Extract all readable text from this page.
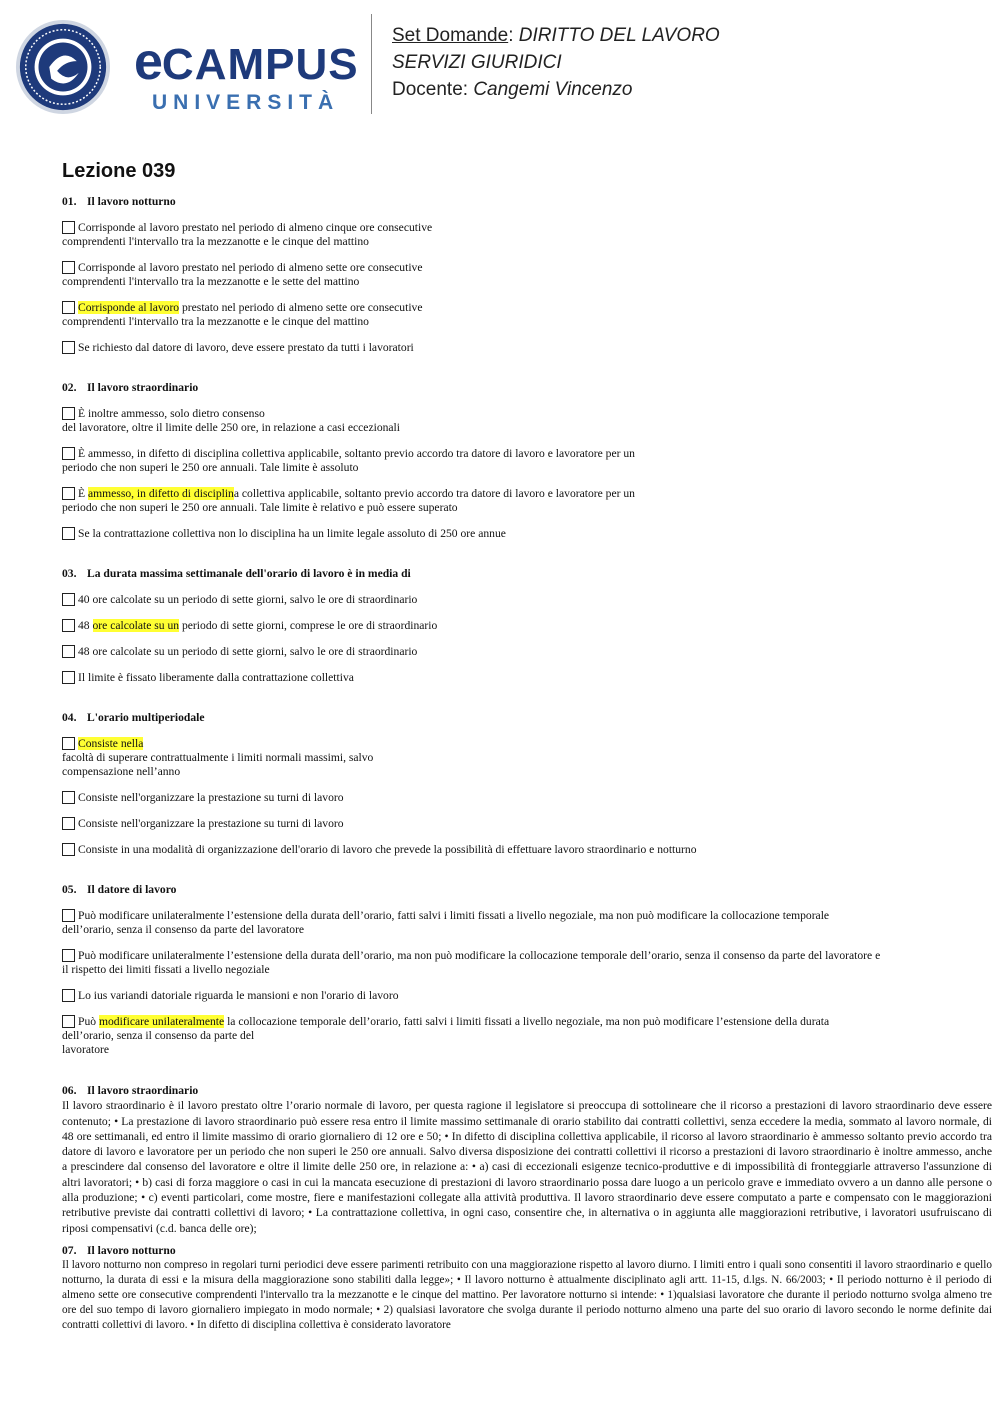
eCAMPUS
UNIVERSITÀ
Set Domande: DIRITTO DEL LAVORO
SERVIZI GIURIDICI
Docente: Cangemi Vincenzo
Lezione 039
01. Il lavoro notturno
Corrisponde al lavoro prestato nel periodo di almeno cinque ore consecutive
comprendenti l'intervallo tra la mezzanotte e le cinque del mattino
Corrisponde al lavoro prestato nel periodo di almeno sette ore consecutive
comprendenti l'intervallo tra la mezzanotte e le sette del mattino
Corrisponde al lavoro prestato nel periodo di almeno sette ore consecutive
comprendenti l'intervallo tra la mezzanotte e le cinque del mattino
Se richiesto dal datore di lavoro, deve essere prestato da tutti i lavoratori
02. Il lavoro straordinario
È inoltre ammesso, solo dietro consenso
del lavoratore, oltre il limite delle 250 ore, in relazione a casi eccezionali
È ammesso, in difetto di disciplina collettiva applicabile, soltanto previo accordo tra datore di lavoro e lavoratore per un
periodo che non superi le 250 ore annuali. Tale limite è assoluto
È ammesso, in difetto di disciplina collettiva applicabile, soltanto previo accordo tra datore di lavoro e lavoratore per un
periodo che non superi le 250 ore annuali. Tale limite è relativo e può essere superato
Se la contrattazione collettiva non lo disciplina ha un limite legale assoluto di 250 ore annue
03. La durata massima settimanale dell'orario di lavoro è in media di
40 ore calcolate su un periodo di sette giorni, salvo le ore di straordinario
48 ore calcolate su un periodo di sette giorni, comprese le ore di straordinario
48 ore calcolate su un periodo di sette giorni, salvo le ore di straordinario
Il limite è fissato liberamente dalla contrattazione collettiva
04. L'orario multiperiodale
Consiste nella
facoltà di superare contrattualmente i limiti normali massimi, salvo
compensazione nell’anno
Consiste nell'organizzare la prestazione su turni di lavoro
Consiste nell'organizzare la prestazione su turni di lavoro
Consiste in una modalità di organizzazione dell'orario di lavoro che prevede la possibilità di effettuare lavoro straordinario e notturno
05. Il datore di lavoro
Può modificare unilateralmente l’estensione della durata dell’orario, fatti salvi i limiti fissati a livello negoziale, ma non può modificare la collocazione temporale
dell’orario, senza il consenso da parte del lavoratore
Può modificare unilateralmente l’estensione della durata dell’orario, ma non può modificare la collocazione temporale dell’orario, senza il consenso da parte del lavoratore e
il rispetto dei limiti fissati a livello negoziale
Lo ius variandi datoriale riguarda le mansioni e non l'orario di lavoro
Può modificare unilateralmente la collocazione temporale dell’orario, fatti salvi i limiti fissati a livello negoziale, ma non può modificare l’estensione della durata
dell’orario, senza il consenso da parte del
lavoratore
06. Il lavoro straordinario
Il lavoro straordinario è il lavoro prestato oltre l’orario normale di lavoro, per questa ragione il legislatore si preoccupa di sottolineare che il ricorso a prestazioni di lavoro straordinario deve essere contenuto; • La prestazione di lavoro straordinario può essere resa entro il limite massimo settimanale di orario stabilito dai contratti collettivi, senza eccedere la media, sommato al lavoro normale, di 48 ore settimanali, ed entro il limite massimo di orario giornaliero di 12 ore e 50; • In difetto di disciplina collettiva applicabile, il ricorso al lavoro straordinario è ammesso soltanto previo accordo tra datore di lavoro e lavoratore per un periodo che non superi le 250 ore annuali. Salvo diversa disposizione dei contratti collettivi il ricorso a prestazioni di lavoro straordinario è inoltre ammesso, anche a prescindere dal consenso del lavoratore e oltre il limite delle 250 ore, in relazione a: • a) casi di eccezionali esigenze tecnico-produttive e di impossibilità di fronteggiarle attraverso l'assunzione di altri lavoratori; • b) casi di forza maggiore o casi in cui la mancata esecuzione di prestazioni di lavoro straordinario possa dare luogo a un pericolo grave e immediato ovvero a un danno alle persone o alla produzione; • c) eventi particolari, come mostre, fiere e manifestazioni collegate alla attività produttiva. Il lavoro straordinario deve essere computato a parte e compensato con le maggiorazioni retributive previste dai contratti collettivi di lavoro; • La contrattazione collettiva, in ogni caso, consentire che, in alternativa o in aggiunta alle maggiorazioni retributive, i lavoratori usufruiscano di riposi compensativi (c.d. banca delle ore);
07. Il lavoro notturno
Il lavoro notturno non compreso in regolari turni periodici deve essere parimenti retribuito con una maggiorazione rispetto al lavoro diurno. I limiti entro i quali sono consentiti il lavoro straordinario e quello notturno, la durata di essi e la misura della maggiorazione sono stabiliti dalla legge»; • Il lavoro notturno è attualmente disciplinato agli artt. 11-15, d.lgs. N. 66/2003; • Il periodo notturno è il periodo di almeno sette ore consecutive comprendenti l'intervallo tra la mezzanotte e le cinque del mattino. Per lavoratore notturno si intende: • 1)qualsiasi lavoratore che durante il periodo notturno svolga almeno tre ore del suo tempo di lavoro giornaliero impiegato in modo normale; • 2) qualsiasi lavoratore che svolga durante il periodo notturno almeno una parte del suo orario di lavoro secondo le norme definite dai contratti collettivi di lavoro. • In difetto di disciplina collettiva è considerato lavoratore
